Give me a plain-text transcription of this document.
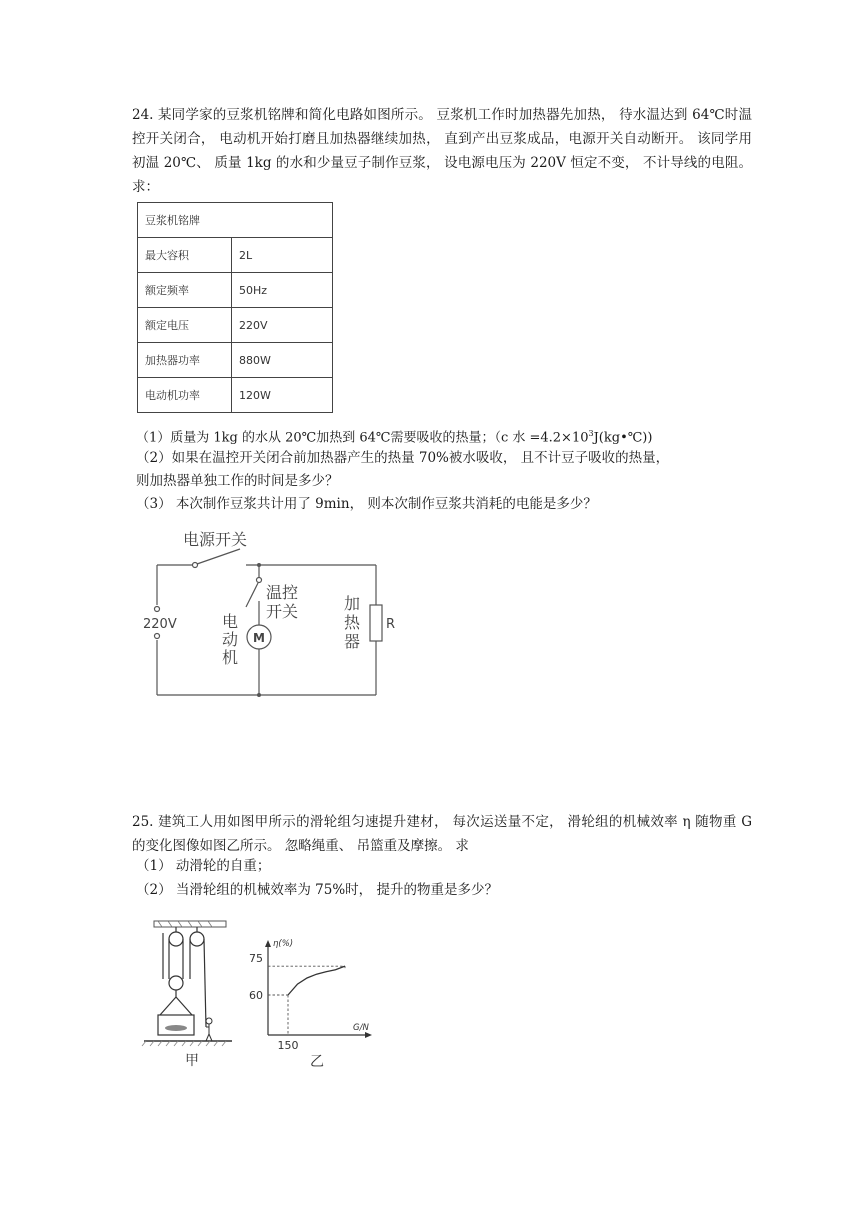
24. 某同学家的豆浆机铭牌和简化电路如图所示。 豆浆机工作时加热器先加热， 待水温达到 64℃时温控开关闭合， 电动机开始打磨且加热器继续加热， 直到产出豆浆成品，电源开关自动断开。 该同学用初温 20℃、 质量 1kg 的水和少量豆子制作豆浆， 设电源电压为 220V 恒定不变， 不计导线的电阻。 求：

豆浆机铭牌	
最大容积	2L
额定频率	50Hz
额定电压	220V
加热器功率	880W
电动机功率	120W

（1）质量为 1kg 的水从 20℃加热到 64℃需要吸收的热量；（c 水 $=4.2\times 10^3J(kg•℃)$)

（2）如果在温控开关闭合前加热器产生的热量 70%被水吸收， 且不计豆子吸收的热量，

则加热器单独工作的时间是多少？

（3） 本次制作豆浆共计用了 9min， 则本次制作豆浆共消耗的电能是多少？

电源开关
220V
温控
开关
电
动
机
M
加
热
器
R

25. 建筑工人用如图甲所示的滑轮组匀速提升建材， 每次运送量不定， 滑轮组的机械效率 η 随物重 G 的变化图像如图乙所示。 忽略绳重、 吊篮重及摩擦。 求

（1） 动滑轮的自重；

（2） 当滑轮组的机械效率为 75%时， 提升的物重是多少？

甲
η(%)
G/N
75
60
150
乙
